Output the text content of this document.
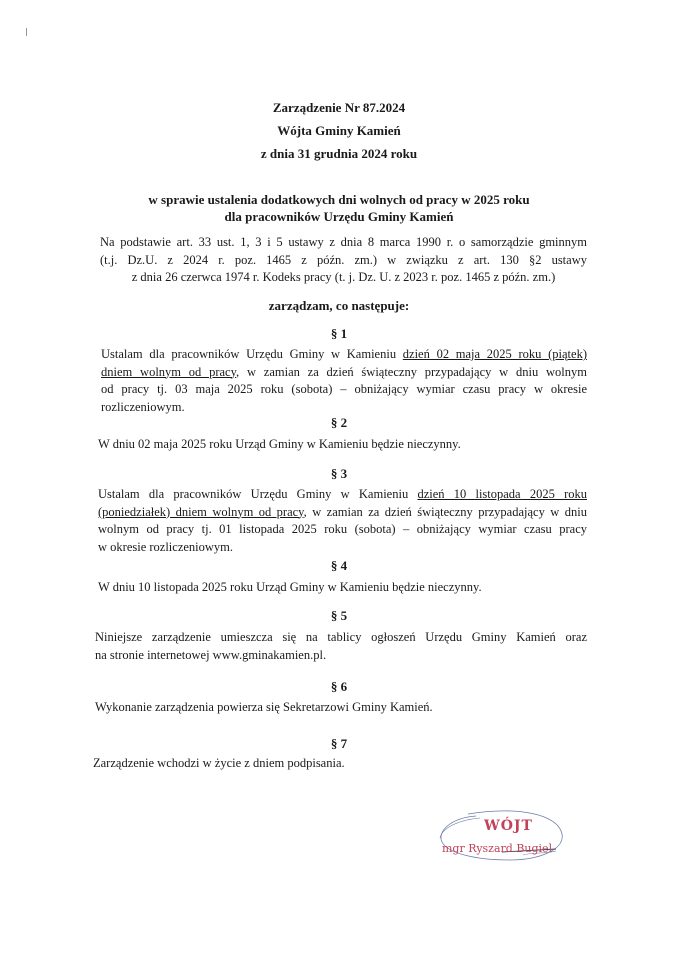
Zarządzenie Nr 87.2024
Wójta Gminy Kamień
z dnia 31 grudnia 2024 roku
w sprawie ustalenia dodatkowych dni wolnych od pracy w 2025 roku
dla pracowników Urzędu Gminy Kamień
Na podstawie art. 33 ust. 1, 3 i 5 ustawy z dnia 8 marca 1990 r. o samorządzie gminnym
(t.j. Dz.U. z 2024 r. poz. 1465 z późn. zm.) w związku z art. 130 §2 ustawy
z dnia 26 czerwca 1974 r. Kodeks pracy (t. j. Dz. U. z 2023 r. poz. 1465 z późn. zm.)
zarządzam, co następuje:
§ 1
Ustalam dla pracowników Urzędu Gminy w Kamieniu dzień 02 maja 2025 roku (piątek)
dniem wolnym od pracy, w zamian za dzień świąteczny przypadający w dniu wolnym
od pracy tj. 03 maja 2025 roku (sobota) – obniżający wymiar czasu pracy w okresie
rozliczeniowym.
§ 2
W dniu 02 maja 2025 roku Urząd Gminy w Kamieniu będzie nieczynny.
§ 3
Ustalam dla pracowników Urzędu Gminy w Kamieniu dzień 10 listopada 2025 roku
(poniedziałek) dniem wolnym od pracy, w zamian za dzień świąteczny przypadający w dniu
wolnym od pracy tj. 01 listopada 2025 roku (sobota) – obniżający wymiar czasu pracy
w okresie rozliczeniowym.
§ 4
W dniu 10 listopada 2025 roku Urząd Gminy w Kamieniu będzie nieczynny.
§ 5
Niniejsze zarządzenie umieszcza się na tablicy ogłoszeń Urzędu Gminy Kamień oraz
na stronie internetowej www.gminakamien.pl.
§ 6
Wykonanie zarządzenia powierza się Sekretarzowi Gminy Kamień.
§ 7
Zarządzenie wchodzi w życie z dniem podpisania.
WÓJT
mgr Ryszard Bugiel
